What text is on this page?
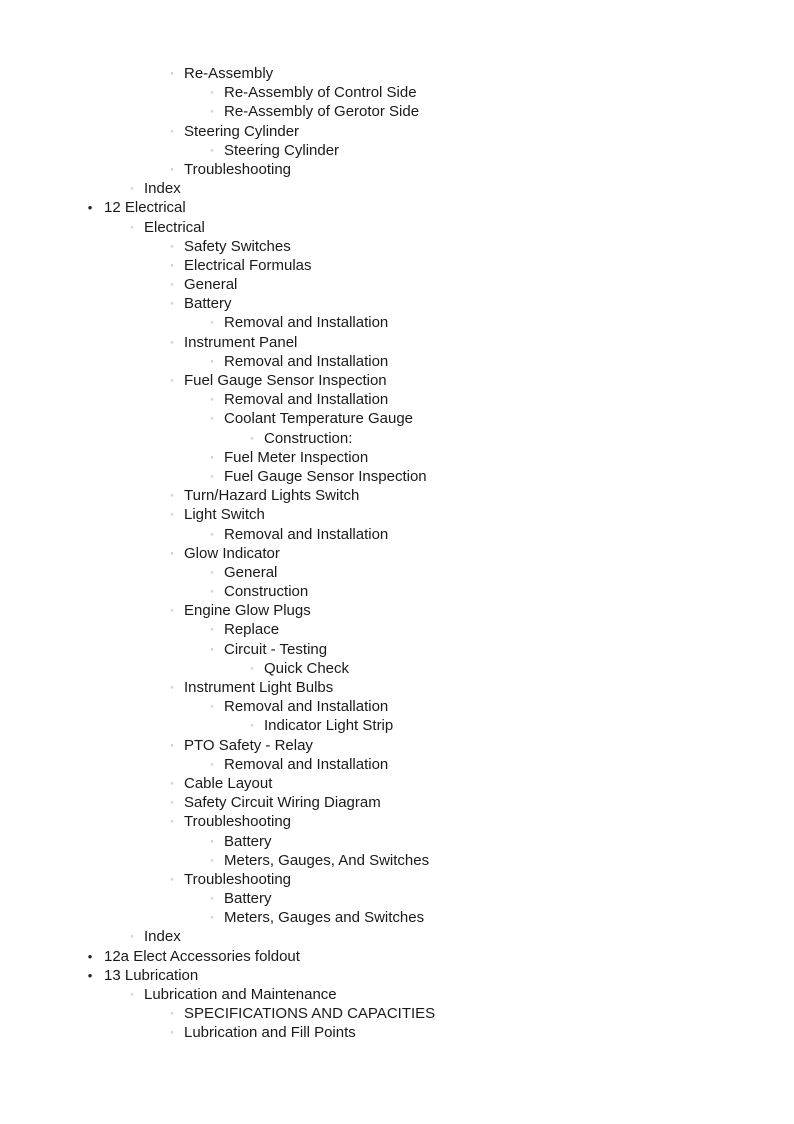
◦ Re-Assembly
◦ Re-Assembly of Control Side
◦ Re-Assembly of Gerotor Side
◦ Steering Cylinder
◦ Steering Cylinder
◦ Troubleshooting
◦ Index
• 12 Electrical
◦ Electrical
◦ Safety Switches
◦ Electrical Formulas
◦ General
◦ Battery
◦ Removal and Installation
◦ Instrument Panel
◦ Removal and Installation
◦ Fuel Gauge Sensor Inspection
◦ Removal and Installation
◦ Coolant Temperature Gauge
◦ Construction:
◦ Fuel Meter Inspection
◦ Fuel Gauge Sensor Inspection
◦ Turn/Hazard Lights Switch
◦ Light Switch
◦ Removal and Installation
◦ Glow Indicator
◦ General
◦ Construction
◦ Engine Glow Plugs
◦ Replace
◦ Circuit - Testing
◦ Quick Check
◦ Instrument Light Bulbs
◦ Removal and Installation
◦ Indicator Light Strip
◦ PTO Safety - Relay
◦ Removal and Installation
◦ Cable Layout
◦ Safety Circuit Wiring Diagram
◦ Troubleshooting
◦ Battery
◦ Meters, Gauges, And Switches
◦ Troubleshooting
◦ Battery
◦ Meters, Gauges and Switches
◦ Index
• 12a Elect Accessories foldout
• 13 Lubrication
◦ Lubrication and Maintenance
◦ SPECIFICATIONS AND CAPACITIES
◦ Lubrication and Fill Points
